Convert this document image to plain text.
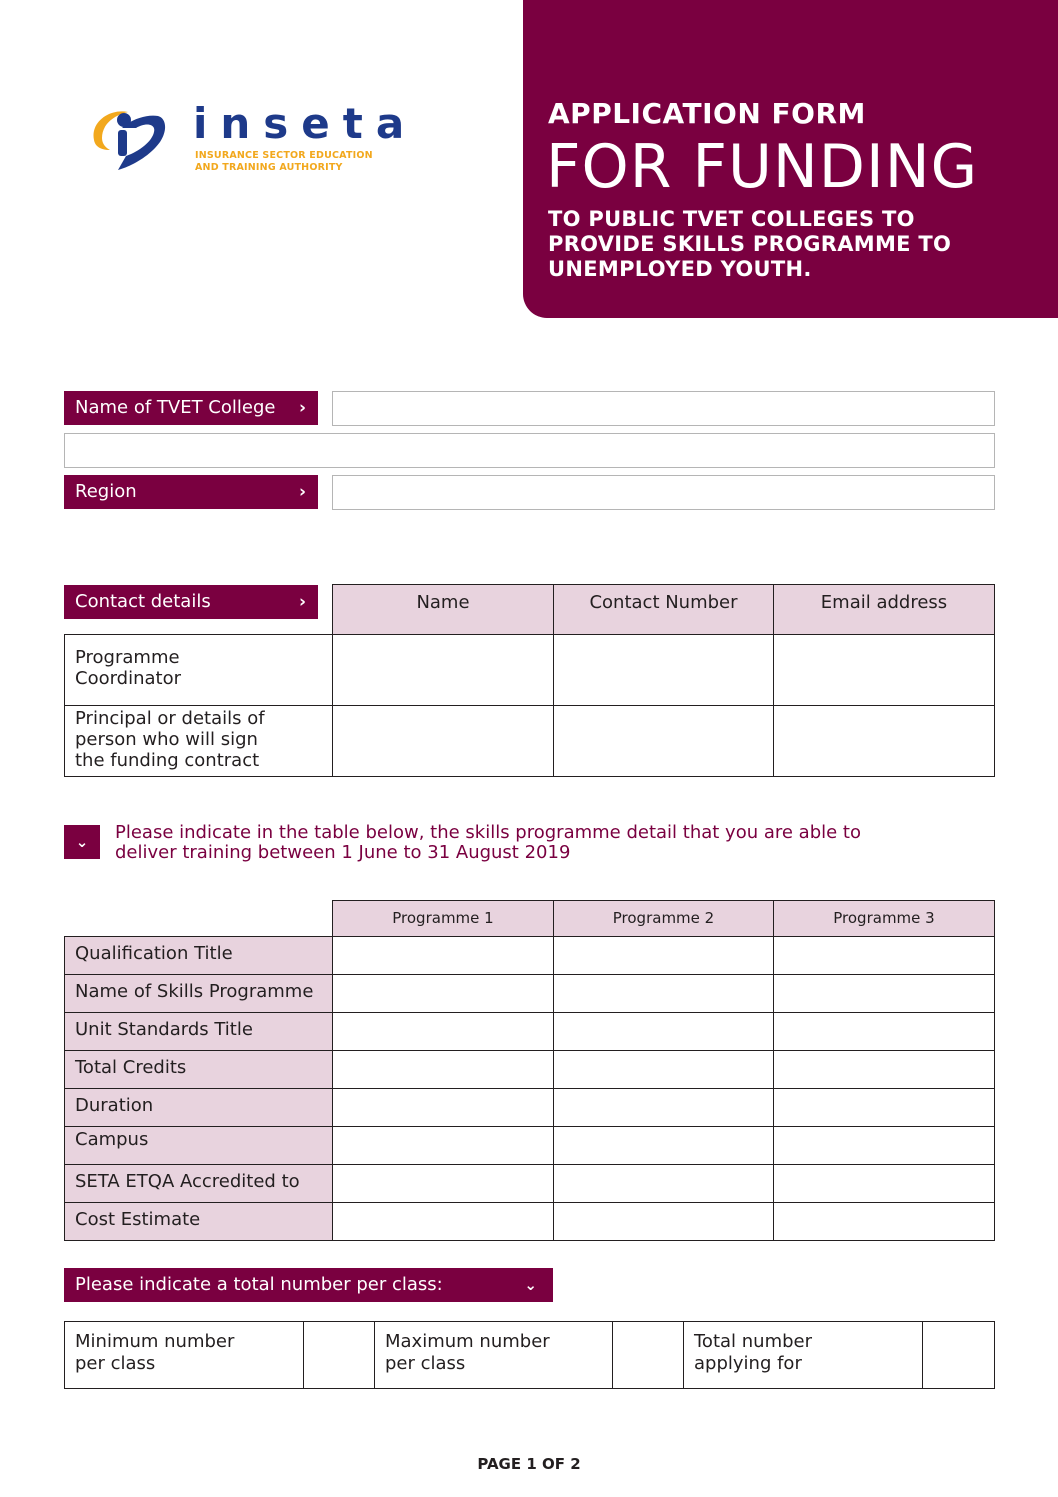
inseta
INSURANCE SECTOR EDUCATION
AND TRAINING AUTHORITY
APPLICATION FORM
FOR FUNDING
TO PUBLIC TVET COLLEGES TO PROVIDE SKILLS PROGRAMME TO UNEMPLOYED YOUTH.
Name of TVET College ›
Region	›
Contact details	›
		Name	Contact Number	Email address

Programme Coordinator			

Principal or details of person who will sign the funding contract			

⌄	Please indicate in the table below, the skills programme detail that you are able to deliver training between 1 June to 31 August 2019
	Programme 1	Programme 2	Programme 3
Qualification Title			
Name of Skills Programme			
Unit Standards Title			
Total Credits			
Duration			
Campus			
SETA ETQA Accredited to			
Cost Estimate			
Please indicate a total number per class:	⌄
Minimum number per class

Maximum number per class

Total number applying for

PAGE 1 OF 2
